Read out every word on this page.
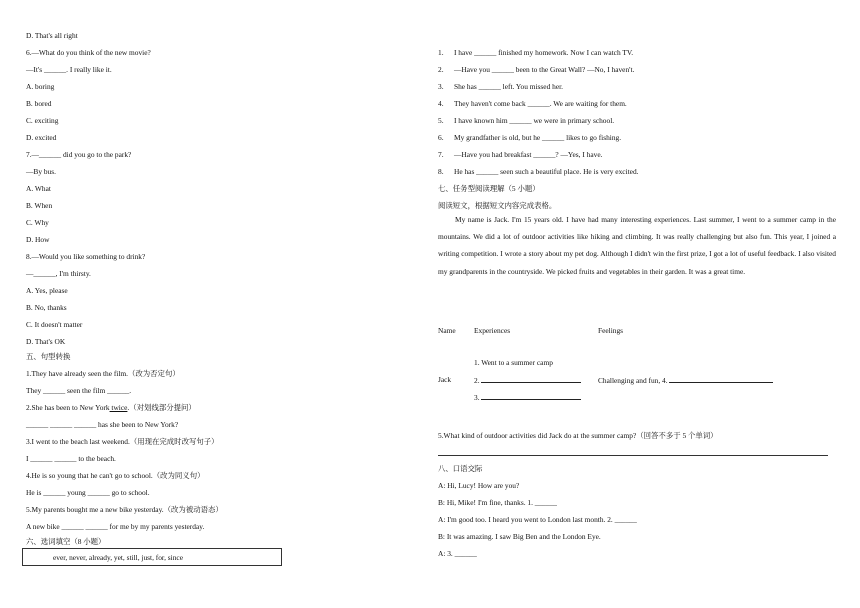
D. That's all right
6.—What do you think of the new movie?
—It's ______. I really like it.
A. boring
B. bored
C. exciting
D. excited
7.—______ did you go to the park?
—By bus.
A. What
B. When
C. Why
D. How
8.—Would you like something to drink?
—______, I'm thirsty.
A. Yes, please
B. No, thanks
C. It doesn't matter
D. That's OK
五、句型转换
1.They have already seen the film.（改为否定句）
They ______ seen the film ______.
2.She has been to New York twice.（对划线部分提问）
______ ______ ______ has she been to New York?
3.I went to the beach last weekend.（用现在完成时改写句子）
I ______ ______ to the beach.
4.He is so young that he can't go to school.（改为同义句）
He is ______ young ______ go to school.
5.My parents bought me a new bike yesterday.（改为被动语态）
A new bike ______ ______ for me by my parents yesterday.
六、选词填空（8 小题）
ever, never, already, yet, still, just, for, since
1. I have ______ finished my homework. Now I can watch TV.
2. —Have you ______ been to the Great Wall? —No, I haven't.
3. She has ______ left. You missed her.
4. They haven't come back ______. We are waiting for them.
5. I have known him ______ we were in primary school.
6. My grandfather is old, but he ______ likes to go fishing.
7. —Have you had breakfast ______? —Yes, I have.
8. He has ______ seen such a beautiful place. He is very excited.
七、任务型阅读理解（5 小题）
阅读短文，根据短文内容完成表格。
My name is Jack. I'm 15 years old. I have had many interesting experiences. Last summer, I went to a summer camp in the mountains. We did a lot of outdoor activities like hiking and climbing. It was really challenging but also fun. This year, I joined a writing competition. I wrote a story about my pet dog. Although I didn't win the first prize, I got a lot of useful feedback. I also visited my grandparents in the countryside. We picked fruits and vegetables in their garden. It was a great time.
Name Experiences	Feelings
1. Went to a summer camp
Jack	2.	Challenging and fun, 4.
3.
5.What kind of outdoor activities did Jack do at the summer camp?（回答不多于 5 个单词）
八、口语交际
A: Hi, Lucy! How are you?
B: Hi, Mike! I'm fine, thanks. 1. ______
A: I'm good too. I heard you went to London last month. 2. ______
B: It was amazing. I saw Big Ben and the London Eye.
A: 3. ______
